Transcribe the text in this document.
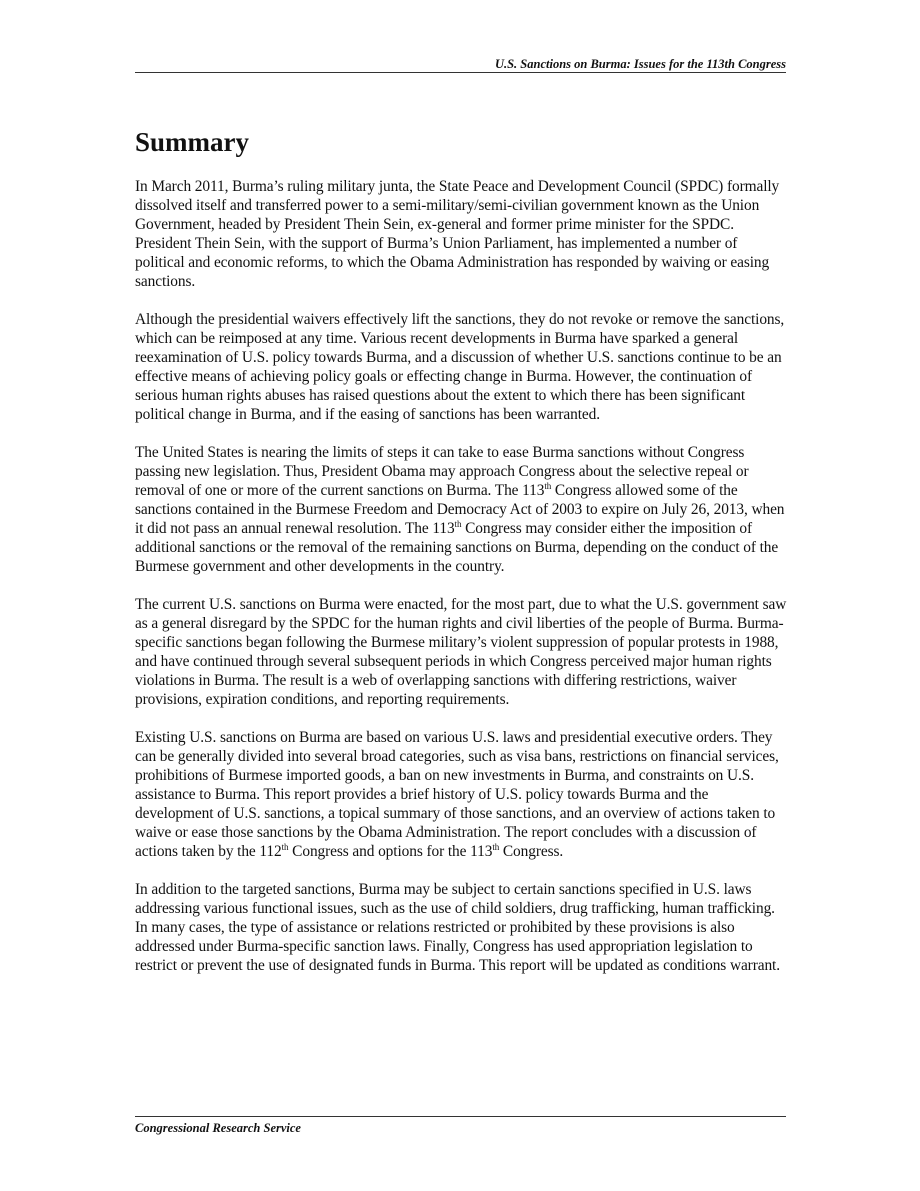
U.S. Sanctions on Burma: Issues for the 113th Congress
Summary

In March 2011, Burma’s ruling military junta, the State Peace and Development Council (SPDC) formally dissolved itself and transferred power to a semi-military/semi-civilian government known as the Union Government, headed by President Thein Sein, ex-general and former prime minister for the SPDC. President Thein Sein, with the support of Burma’s Union Parliament, has implemented a number of political and economic reforms, to which the Obama Administration has responded by waiving or easing sanctions.

Although the presidential waivers effectively lift the sanctions, they do not revoke or remove the sanctions, which can be reimposed at any time. Various recent developments in Burma have sparked a general reexamination of U.S. policy towards Burma, and a discussion of whether U.S. sanctions continue to be an effective means of achieving policy goals or effecting change in Burma. However, the continuation of serious human rights abuses has raised questions about the extent to which there has been significant political change in Burma, and if the easing of sanctions has been warranted.

The United States is nearing the limits of steps it can take to ease Burma sanctions without Congress passing new legislation. Thus, President Obama may approach Congress about the selective repeal or removal of one or more of the current sanctions on Burma. The 113th Congress allowed some of the sanctions contained in the Burmese Freedom and Democracy Act of 2003 to expire on July 26, 2013, when it did not pass an annual renewal resolution. The 113th Congress may consider either the imposition of additional sanctions or the removal of the remaining sanctions on Burma, depending on the conduct of the Burmese government and other developments in the country.

The current U.S. sanctions on Burma were enacted, for the most part, due to what the U.S. government saw as a general disregard by the SPDC for the human rights and civil liberties of the people of Burma. Burma-specific sanctions began following the Burmese military’s violent suppression of popular protests in 1988, and have continued through several subsequent periods in which Congress perceived major human rights violations in Burma. The result is a web of overlapping sanctions with differing restrictions, waiver provisions, expiration conditions, and reporting requirements.

Existing U.S. sanctions on Burma are based on various U.S. laws and presidential executive orders. They can be generally divided into several broad categories, such as visa bans, restrictions on financial services, prohibitions of Burmese imported goods, a ban on new investments in Burma, and constraints on U.S. assistance to Burma. This report provides a brief history of U.S. policy towards Burma and the development of U.S. sanctions, a topical summary of those sanctions, and an overview of actions taken to waive or ease those sanctions by the Obama Administration. The report concludes with a discussion of actions taken by the 112th Congress and options for the 113th Congress.

In addition to the targeted sanctions, Burma may be subject to certain sanctions specified in U.S. laws addressing various functional issues, such as the use of child soldiers, drug trafficking, human trafficking. In many cases, the type of assistance or relations restricted or prohibited by these provisions is also addressed under Burma-specific sanction laws. Finally, Congress has used appropriation legislation to restrict or prevent the use of designated funds in Burma. This report will be updated as conditions warrant.

Congressional Research Service
